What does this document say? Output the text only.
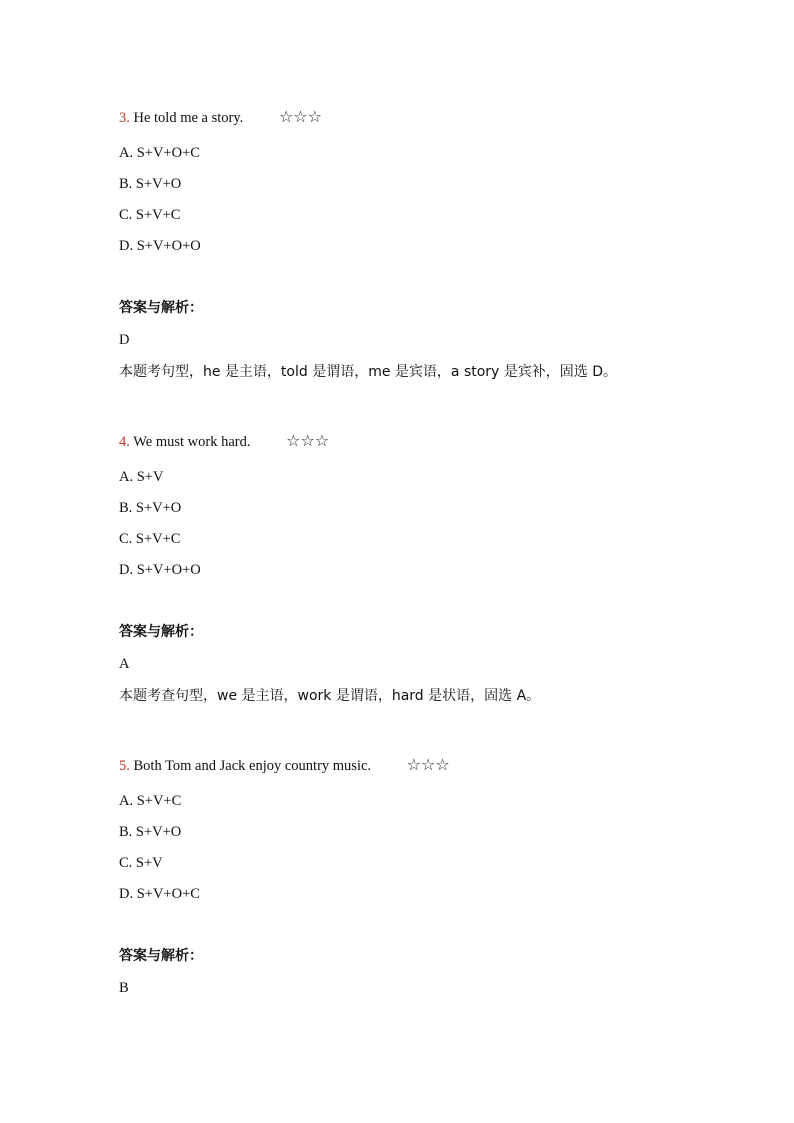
3. He told me a story. ☆☆☆
A. S+V+O+C
B. S+V+O
C. S+V+C
D. S+V+O+O
答案与解析：
D
本题考句型，he 是主语，told 是谓语，me 是宾语，a story 是宾补，固选 D。
4. We must work hard. ☆☆☆
A. S+V
B. S+V+O
C. S+V+C
D. S+V+O+O
答案与解析：
A
本题考查句型，we 是主语，work 是谓语，hard 是状语，固选 A。
5. Both Tom and Jack enjoy country music. ☆☆☆
A. S+V+C
B. S+V+O
C. S+V
D. S+V+O+C
答案与解析：
B
